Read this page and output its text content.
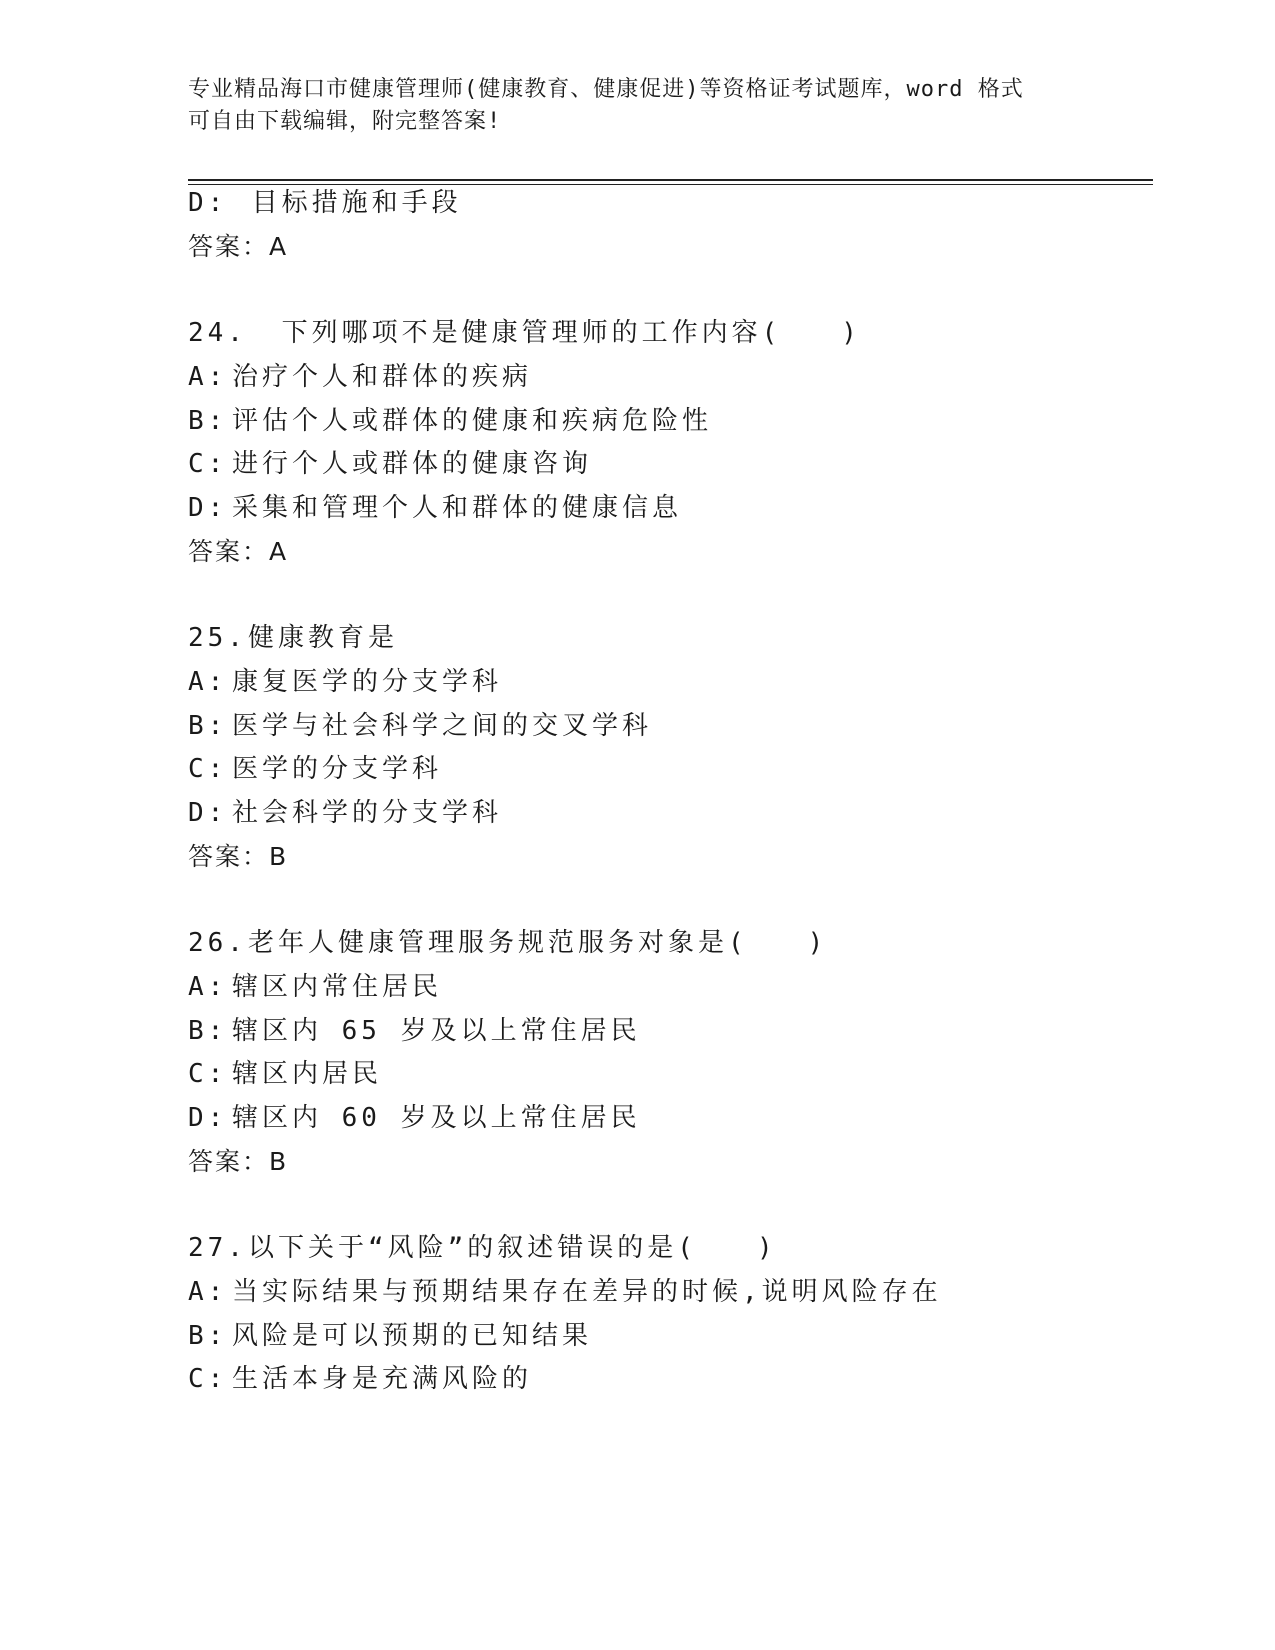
专业精品海口市健康管理师(健康教育、健康促进)等资格证考试题库，word 格式
可自由下载编辑，附完整答案!
D: 目标措施和手段
答案：A
24. 下列哪项不是健康管理师的工作内容(　　)
A: 治疗个人和群体的疾病
B: 评估个人或群体的健康和疾病危险性
C: 进行个人或群体的健康咨询
D: 采集和管理个人和群体的健康信息
答案：A
25.健康教育是
A: 康复医学的分支学科
B: 医学与社会科学之间的交叉学科
C: 医学的分支学科
D: 社会科学的分支学科
答案：B
26.老年人健康管理服务规范服务对象是(　　)
A: 辖区内常住居民
B: 辖区内 65 岁及以上常住居民
C: 辖区内居民
D: 辖区内 60 岁及以上常住居民
答案：B
27.以下关于“风险”的叙述错误的是(　　)
A: 当实际结果与预期结果存在差异的时候,说明风险存在
B: 风险是可以预期的已知结果
C: 生活本身是充满风险的
